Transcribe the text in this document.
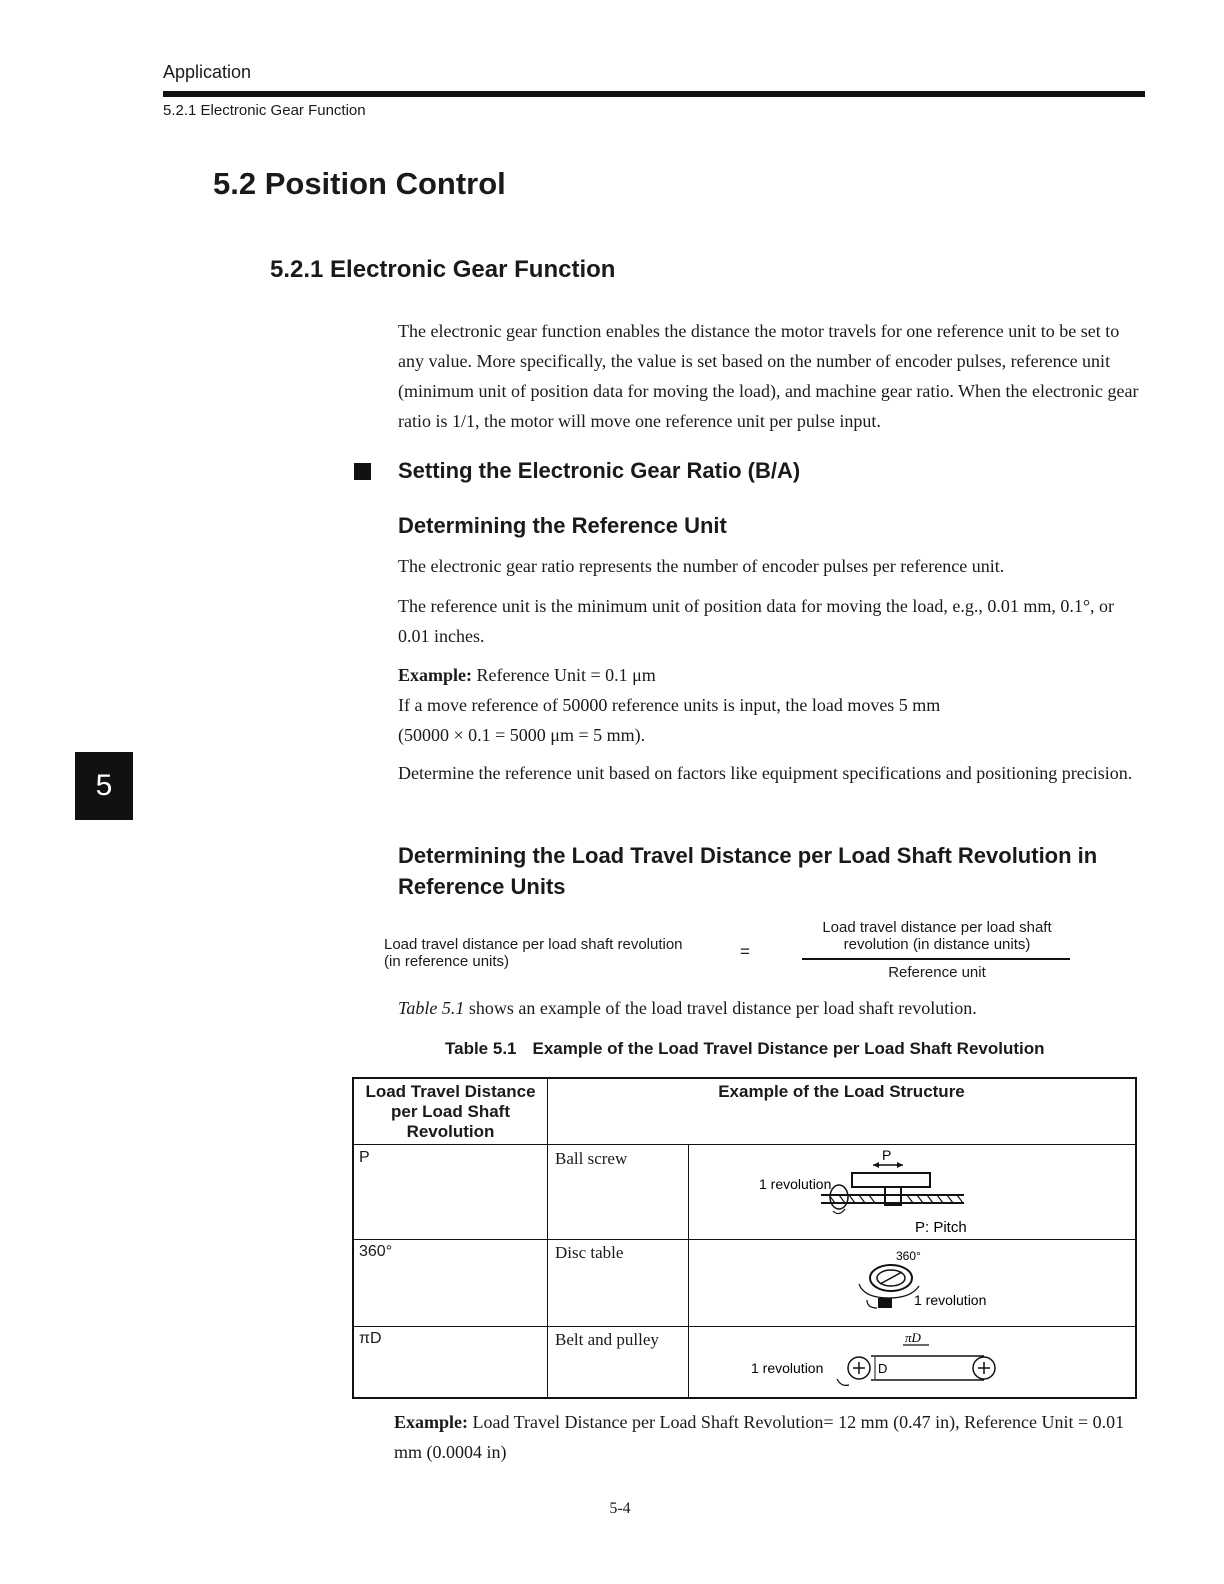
Application
5.2.1 Electronic Gear Function
5.2 Position Control
5.2.1 Electronic Gear Function

The electronic gear function enables the distance the motor travels for one reference unit to be set to any value. More specifically, the value is set based on the number of encoder pulses, reference unit (minimum unit of position data for moving the load), and machine gear ratio. When the electronic gear ratio is 1/1, the motor will move one reference unit per pulse input.

Setting the Electronic Gear Ratio (B/A)
Determining the Reference Unit

The electronic gear ratio represents the number of encoder pulses per reference unit.

The reference unit is the minimum unit of position data for moving the load, e.g., 0.01 mm, 0.1°, or 0.01 inches.

Example: Reference Unit = 0.1 μm
If a move reference of 50000 reference units is input, the load moves 5 mm
(50000 × 0.1 = 5000 μm = 5 mm).

Determine the reference unit based on factors like equipment specifications and positioning precision.

5
Determining the Load Travel Distance per Load Shaft Revolution in Reference Units
Load travel distance per load shaft revolution
(in reference units)
=
Load travel distance per load shaft
revolution (in distance units)
Reference unit

Table 5.1 shows an example of the load travel distance per load shaft revolution.

Table 5.1 Example of the Load Travel Distance per Load Shaft Revolution
Load Travel Distance
per Load Shaft
Revolution
Example of the Load Structure
P	Ball screw	P
1 revolution
P: Pitch
360°	Disc table	360°
1 revolution
πD	Belt and pulley	πD
1 revolution	D

Example: Load Travel Distance per Load Shaft Revolution= 12 mm (0.47 in), Reference Unit = 0.01 mm (0.0004 in)

5-4
